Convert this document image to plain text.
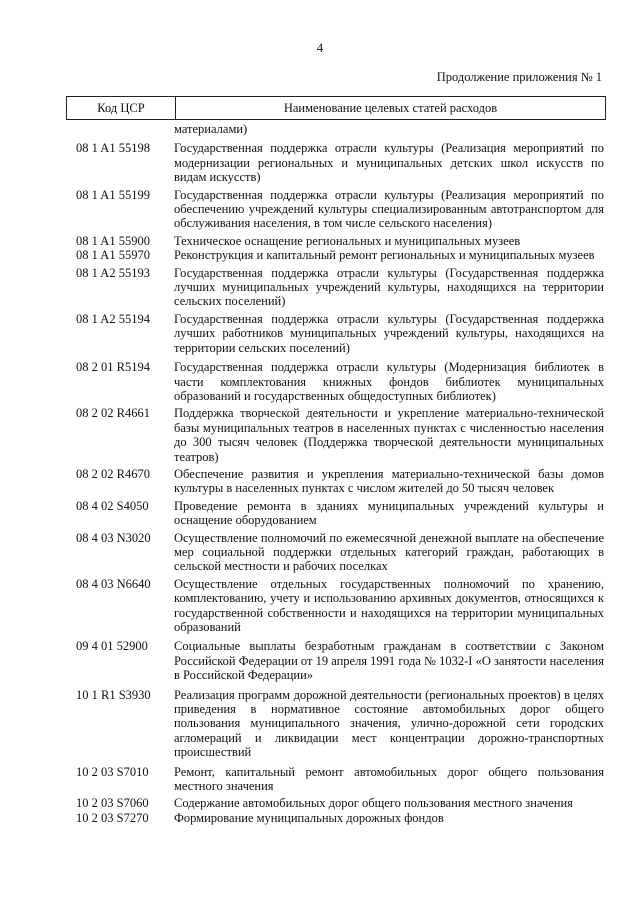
4
Продолжение приложения № 1
Код ЦСР	Наименование целевых статей расходов
материалами)
08 1 A1 55198	Государственная поддержка отрасли культуры (Реализация мероприятий по модернизации региональных и муниципальных детских школ искусств по видам искусств)
08 1 A1 55199	Государственная поддержка отрасли культуры (Реализация мероприятий по обеспечению учреждений культуры специализированным автотранспортом для обслуживания населения, в том числе сельского населения)
08 1 A1 55900	Техническое оснащение региональных и муниципальных музеев
08 1 A1 55970	Реконструкция и капитальный ремонт региональных и муниципальных музеев
08 1 A2 55193	Государственная поддержка отрасли культуры (Государственная поддержка лучших муниципальных учреждений культуры, находящихся на территории сельских поселений)
08 1 A2 55194	Государственная поддержка отрасли культуры (Государственная поддержка лучших работников муниципальных учреждений культуры, находящихся на территории сельских поселений)
08 2 01 R5194	Государственная поддержка отрасли культуры (Модернизация библиотек в части комплектования книжных фондов библиотек муниципальных образований и государственных общедоступных библиотек)
08 2 02 R4661	Поддержка творческой деятельности и укрепление материально-технической базы муниципальных театров в населенных пунктах с численностью населения до 300 тысяч человек (Поддержка творческой деятельности муниципальных театров)
08 2 02 R4670	Обеспечение развития и укрепления материально-технической базы домов культуры в населенных пунктах с числом жителей до 50 тысяч человек
08 4 02 S4050	Проведение ремонта в зданиях муниципальных учреждений культуры и оснащение оборудованием
08 4 03 N3020	Осуществление полномочий по ежемесячной денежной выплате на обеспечение мер социальной поддержки отдельных категорий граждан, работающих в сельской местности и рабочих поселках
08 4 03 N6640	Осуществление отдельных государственных полномочий по хранению, комплектованию, учету и использованию архивных документов, относящихся к государственной собственности и находящихся на территории муниципальных образований
09 4 01 52900	Социальные выплаты безработным гражданам в соответствии с Законом Российской Федерации от 19 апреля 1991 года № 1032-I «О занятости населения в Российской Федерации»
10 1 R1 S3930	Реализация программ дорожной деятельности (региональных проектов) в целях приведения в нормативное состояние автомобильных дорог общего пользования муниципального значения, улично-дорожной сети городских агломераций и ликвидации мест концентрации дорожно-транспортных происшествий
10 2 03 S7010	Ремонт, капитальный ремонт автомобильных дорог общего пользования местного значения
10 2 03 S7060	Содержание автомобильных дорог общего пользования местного значения
10 2 03 S7270	Формирование муниципальных дорожных фондов
